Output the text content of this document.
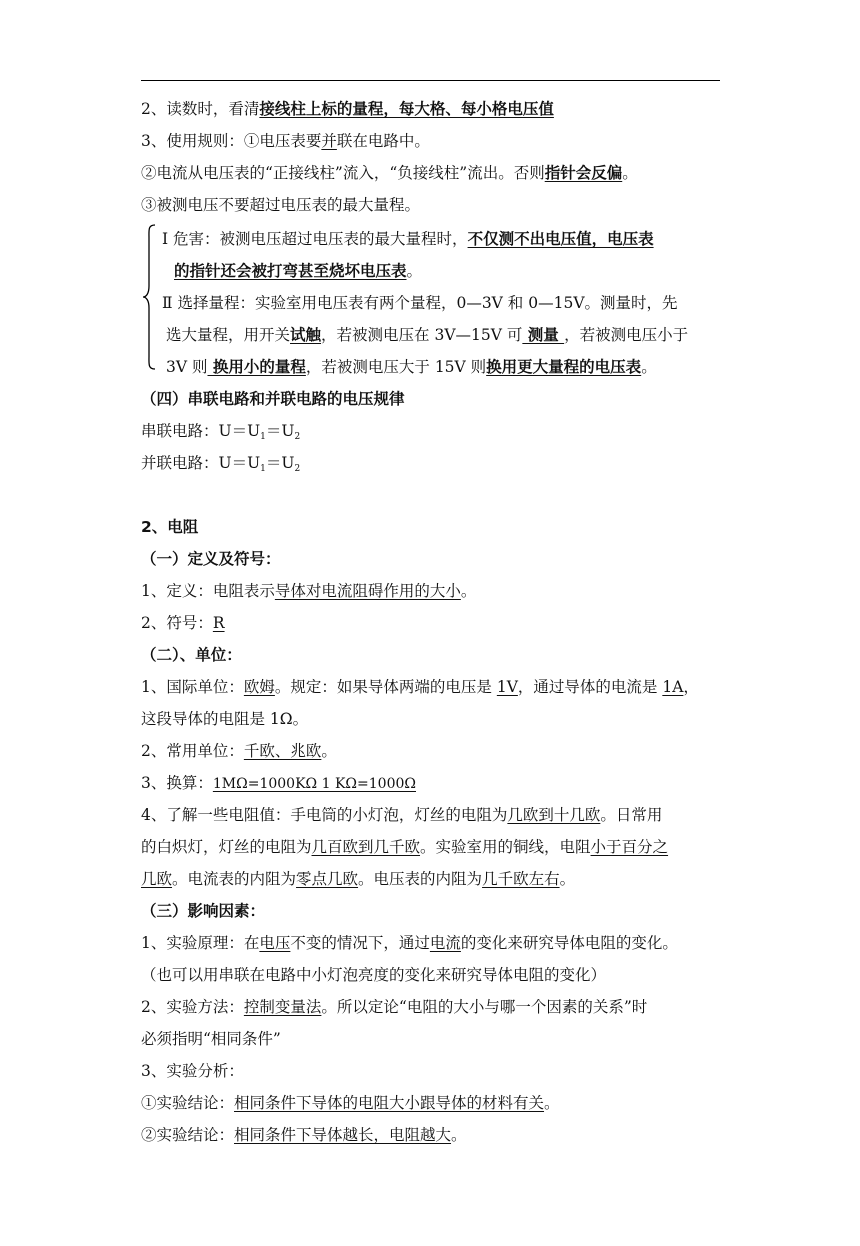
2、读数时，看清接线柱上标的量程，每大格、每小格电压值
3、使用规则：①电压表要并联在电路中。
②电流从电压表的“正接线柱”流入，“负接线柱”流出。否则指针会反偏。
③被测电压不要超过电压表的最大量程。
Ⅰ 危害：被测电压超过电压表的最大量程时，不仅测不出电压值，电压表
的指针还会被打弯甚至烧坏电压表。
Ⅱ 选择量程：实验室用电压表有两个量程，0—3V 和 0—15V。测量时，先
选大量程，用开关试触，若被测电压在 3V—15V 可 测量 ，若被测电压小于
3V 则 换用小的量程，若被测电压大于 15V 则换用更大量程的电压表。
（四）串联电路和并联电路的电压规律
串联电路：$U=U_1=U_2$
并联电路：$U=U_1=U_2$
2、电阻
（一）定义及符号：
1、定义：电阻表示导体对电流阻碍作用的大小。
2、符号：R
（二）、单位：
1、国际单位：欧姆。规定：如果导体两端的电压是 1V，通过导体的电流是 1A，
这段导体的电阻是 1Ω。
2、常用单位：千欧、兆欧。
3、换算：1MΩ=1000KΩ 1 KΩ=1000Ω
4、了解一些电阻值：手电筒的小灯泡，灯丝的电阻为几欧到十几欧。日常用
的白炽灯，灯丝的电阻为几百欧到几千欧。实验室用的铜线，电阻小于百分之
几欧。电流表的内阻为零点几欧。电压表的内阻为几千欧左右。
（三）影响因素：
1、实验原理：在电压不变的情况下，通过电流的变化来研究导体电阻的变化。
（也可以用串联在电路中小灯泡亮度的变化来研究导体电阻的变化）
2、实验方法：控制变量法。所以定论“电阻的大小与哪一个因素的关系”时
必须指明“相同条件”
3、实验分析：
①实验结论：相同条件下导体的电阻大小跟导体的材料有关。
②实验结论：相同条件下导体越长，电阻越大。
